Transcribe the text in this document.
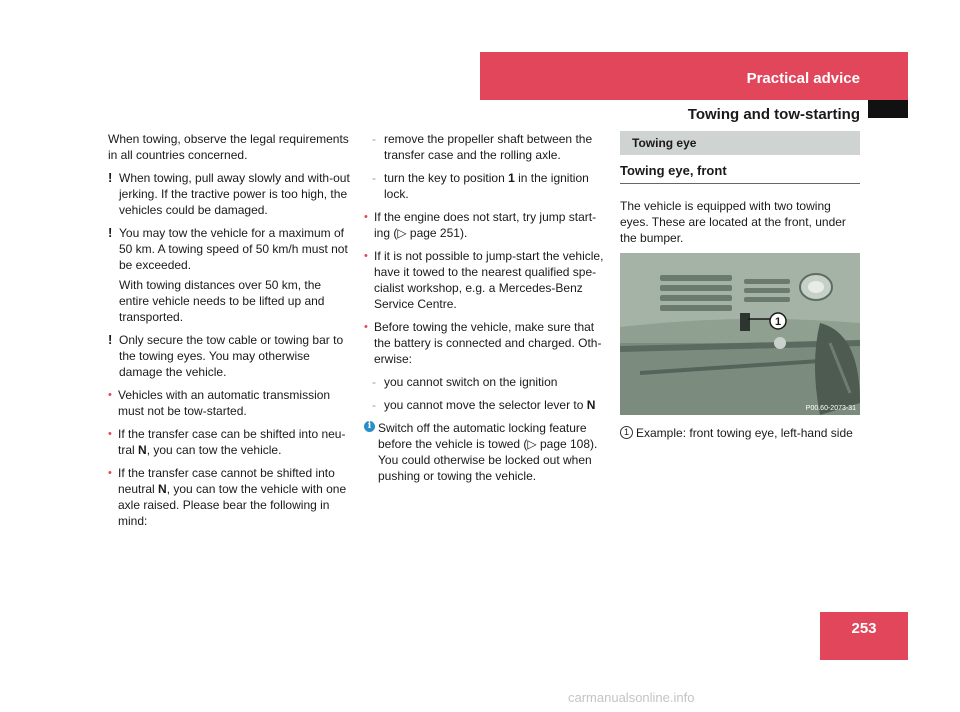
Practical advice
Towing and tow-starting

When towing, observe the legal requirements in all countries concerned.

! When towing, pull away slowly and with-out jerking. If the tractive power is too high, the vehicles could be damaged.

! You may tow the vehicle for a maximum of 50 km. A towing speed of 50 km/h must not be exceeded.

With towing distances over 50 km, the entire vehicle needs to be lifted up and transported.

! Only secure the tow cable or towing bar to the towing eyes. You may otherwise damage the vehicle.

• Vehicles with an automatic transmission must not be tow-started.

• If the transfer case can be shifted into neu-tral N, you can tow the vehicle.

• If the transfer case cannot be shifted into neutral N, you can tow the vehicle with one axle raised. Please bear the following in mind:

- remove the propeller shaft between the transfer case and the rolling axle.

- turn the key to position 1 in the ignition lock.

• If the engine does not start, try jump start-ing (▷ page 251).

• If it is not possible to jump-start the vehicle, have it towed to the nearest qualified spe-cialist workshop, e.g. a Mercedes-Benz Service Centre.

• Before towing the vehicle, make sure that the battery is connected and charged. Oth-erwise:

- you cannot switch on the ignition

- you cannot move the selector lever to N

i Switch off the automatic locking feature before the vehicle is towed (▷ page 108). You could otherwise be locked out when pushing or towing the vehicle.

Towing eye
Towing eye, front

The vehicle is equipped with two towing eyes. These are located at the front, under the bumper.

1
P00.60-2073-31

1 Example: front towing eye, left-hand side

253
carmanualsonline.info
